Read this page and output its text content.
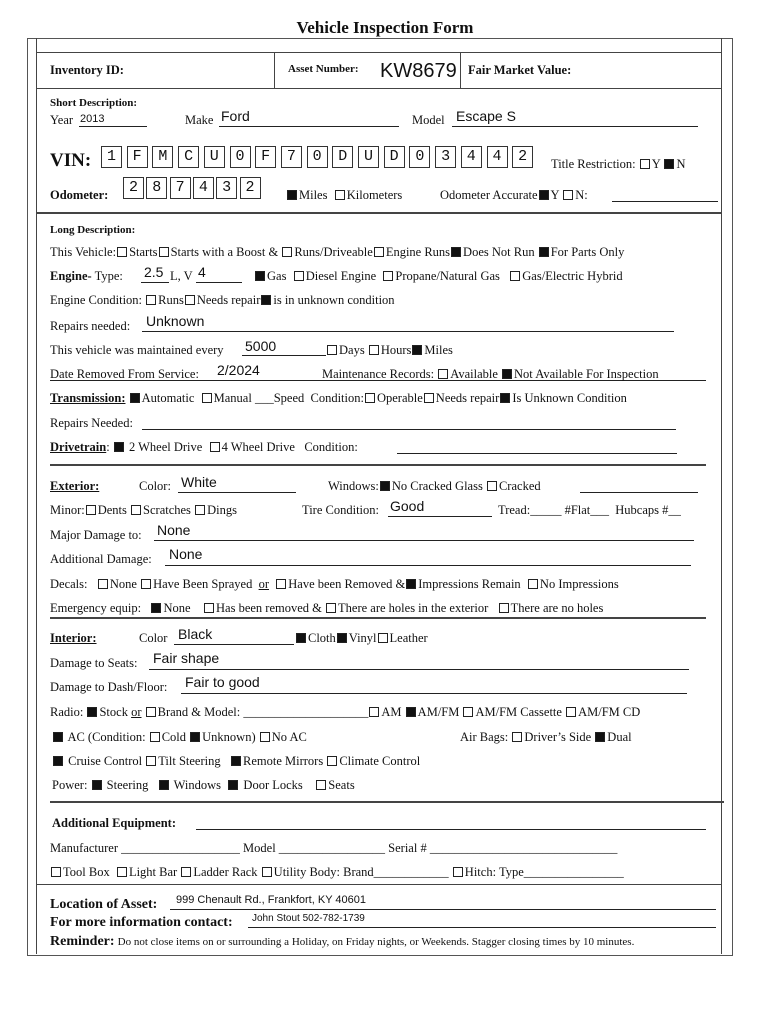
Vehicle Inspection Form
Inventory ID:	Asset Number: KW8679 Fair Market Value:
Short Description:
Year 2013	Make Ford	Model Escape S
VIN:	1	F	M	C	U	0	F	7	0	D	U	D	0	3	4	4	2	Title Restriction: Y N
Odometer:	2 8 7 4 3 2	Miles Kilometers	Odometer Accurate Y N:
Long Description:
This Vehicle: Starts Starts with a Boost & Runs/Driveable Engine Runs Does Not Run For Parts Only
Engine- Type: 2.5 L, V 4	Gas Diesel Engine Propane/Natural Gas Gas/Electric Hybrid
Engine Condition: Runs Needs repair is in unknown condition
Repairs needed: Unknown
This vehicle was maintained every 5000	Days Hours Miles
Date Removed From Service: 2/2024	Maintenance Records: Available Not Available For Inspection
Transmission: Automatic Manual ___Speed Condition: Operable Needs repair Is Unknown Condition
Repairs Needed:
Drivetrain:  2 Wheel Drive 4 Wheel Drive Condition:
Exterior:	Color: White	Windows: No Cracked Glass Cracked
Minor: Dents Scratches Dings	Tire Condition: Good	Tread:_____ #Flat___  Hubcaps #__
Major Damage to: None
Additional Damage: None
Decals: None Have Been Sprayed or Have been Removed & Impressions Remain No Impressions
Emergency equip: None Has been removed & There are holes in the exterior There are no holes
Interior:	Color Black	Cloth Vinyl Leather
Damage to Seats: Fair shape
Damage to Dash/Floor: Fair to good
Radio: Stock or Brand & Model: ____________________ AM AM/FM AM/FM Cassette AM/FM CD
AC (Condition: Cold Unknown) No AC	Air Bags: Driver’s Side Dual
Cruise Control Tilt Steering Remote Mirrors Climate Control
Power: Steering Windows Door Locks Seats
Additional Equipment:
Manufacturer ___________________ Model _________________ Serial # ______________________________
Tool Box Light Bar Ladder Rack Utility Body: Brand____________ Hitch: Type________________
Location of Asset: 999 Chenault Rd., Frankfort, KY 40601
For more information contact: John Stout 502-782-1739
Reminder: Do not close items on or surrounding a Holiday, on Friday nights, or Weekends. Stagger closing times by 10 minutes.
